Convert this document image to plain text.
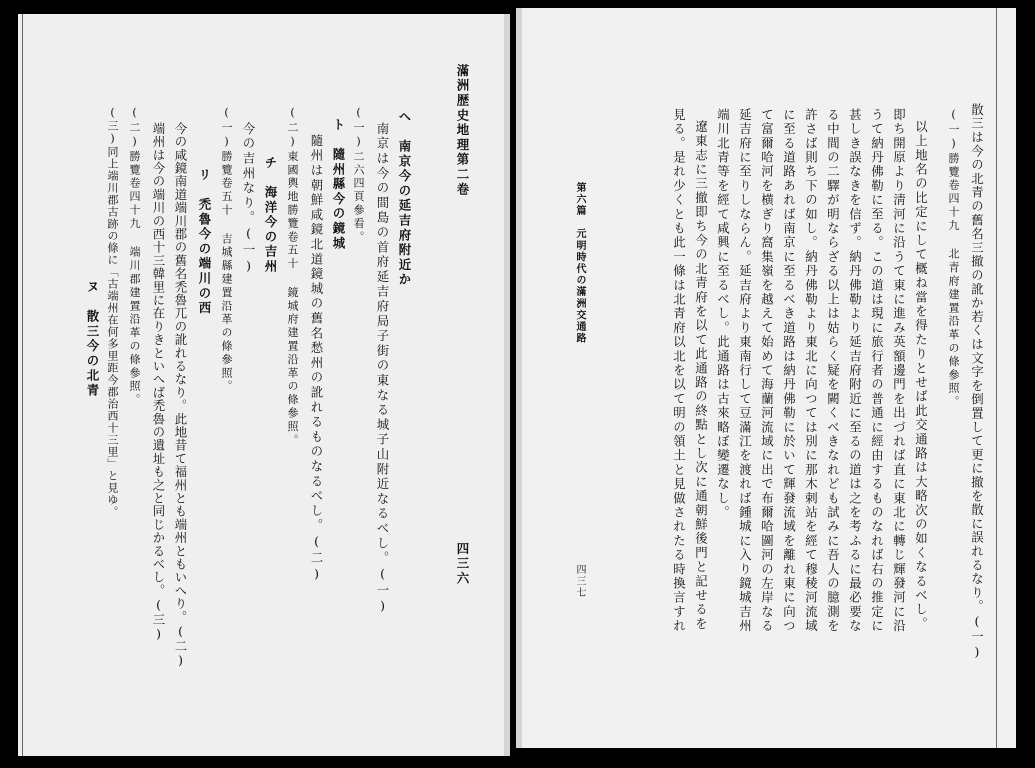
滿洲歴史地理第二卷
四三六
へ　南京今の延吉府附近か
南京は今の間島の首府延吉府局子街の東なる城子山附近なるべし。(一)
(一)二六四頁參看。
ト　隨州縣今の鏡城
隨州は朝鮮咸鏡北道鏡城の舊名愁州の訛れるものなるべし。(二)
(二)東國輿地勝覽卷五十 鏡城府建置沿革の條參照。
チ　海洋今の吉州
今の吉州なり。(一)
(一)勝覽卷五十 吉城縣建置沿革の條參照。
リ　禿魯今の端川の西
今の咸鏡南道端川郡の舊名禿魯兀の訛れるなり。此地昔て福州とも端州ともいへり。(二)
端州は今の端川の西十三韓里に在りきといへば禿魯の遺址も之と同じかるべし。(三)
(二)勝覽卷四十九 端川郡建置沿革の條參照。
(三)同上端川郡古跡の條に「古端州在何多里距今郡治西十三里」と見ゆ。
ヌ　散三今の北青	散三は今の北青の舊名三撤の訛か若くは文字を倒置して更に撤を散に誤れるなり。(一)
(一)勝覽卷四十九 北青府建置沿革の條參照。
以上地名の比定にして概ね當を得たりとせば此交通路は大略次の如くなるべし。
即ち開原より淸河に沿うて東に進み英額邊門を出づれば直に東北に轉じ輝發河に沿
うて納丹佛勒に至る。この道は現に旅行者の普通に經由するものなれば右の推定に
甚しき誤なきを信ず。納丹佛勒より延吉府附近に至るの道は之を考ふるに最必要な
る中間の二驛が明ならざる以上は姑らく疑を闕くべきなれども試みに吾人の臆測を
許さば則ち下の如し。納丹佛勒より東北に向つては別に那木剌站を經て穆稜河流域
に至る道路あれば南京に至るべき道路は納丹佛勒に於いて輝發流域を離れ東に向つ
て富爾哈河を横ぎり窩集嶺を越えて始めて海蘭河流域に出で布爾哈圖河の左岸なる
延吉府に至りしならん。延吉府より東南行して豆滿江を渡れば鍾城に入り鏡城吉州
端川北青等を經て咸興に至るべし。此通路は古來略ぼ變遷なし。
遼東志に三撤即ち今の北青府を以て此通路の終點とし次に通朝鮮後門と記せるを
見る。是れ少くとも此一條は北青府以北を以て明の領土と見做されたる時換言すれ
第六篇　元明時代の滿洲交通路
四三七
